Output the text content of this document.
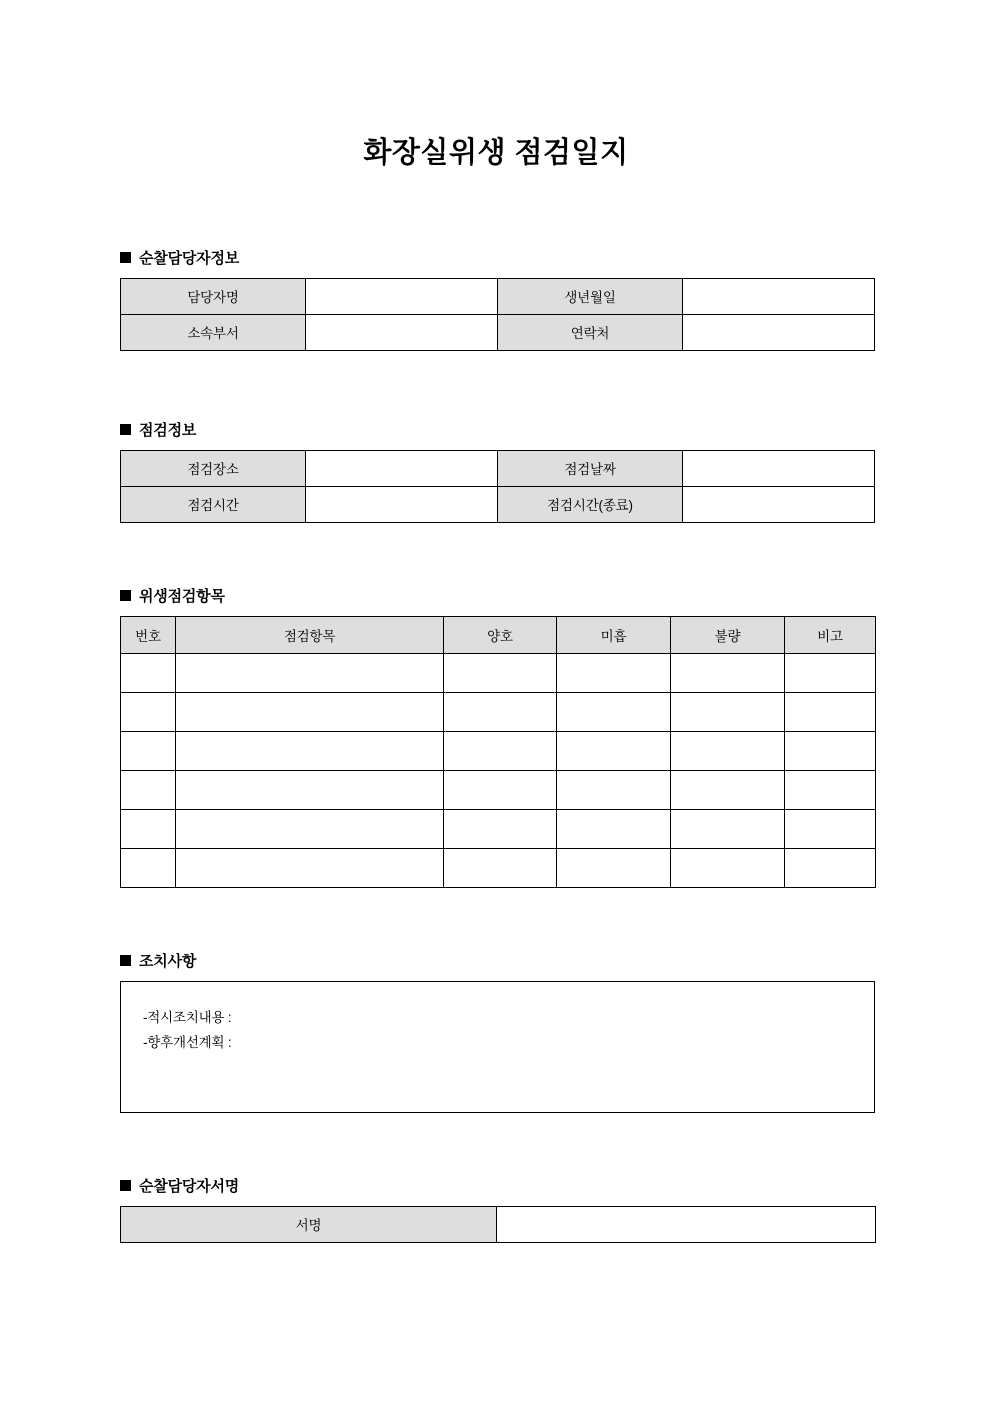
화장실위생 점검일지
순찰담당자정보
담당자명		생년월일	
소속부서		연락처	
점검정보
점검장소		점검날짜	
점검시간		점검시간(종료)	
위생점검항목
번호	점검항목	양호	미흡	불량	비고

조치사항
-적시조치내용 :
-향후개선계획 :
순찰담당자서명
서명	
